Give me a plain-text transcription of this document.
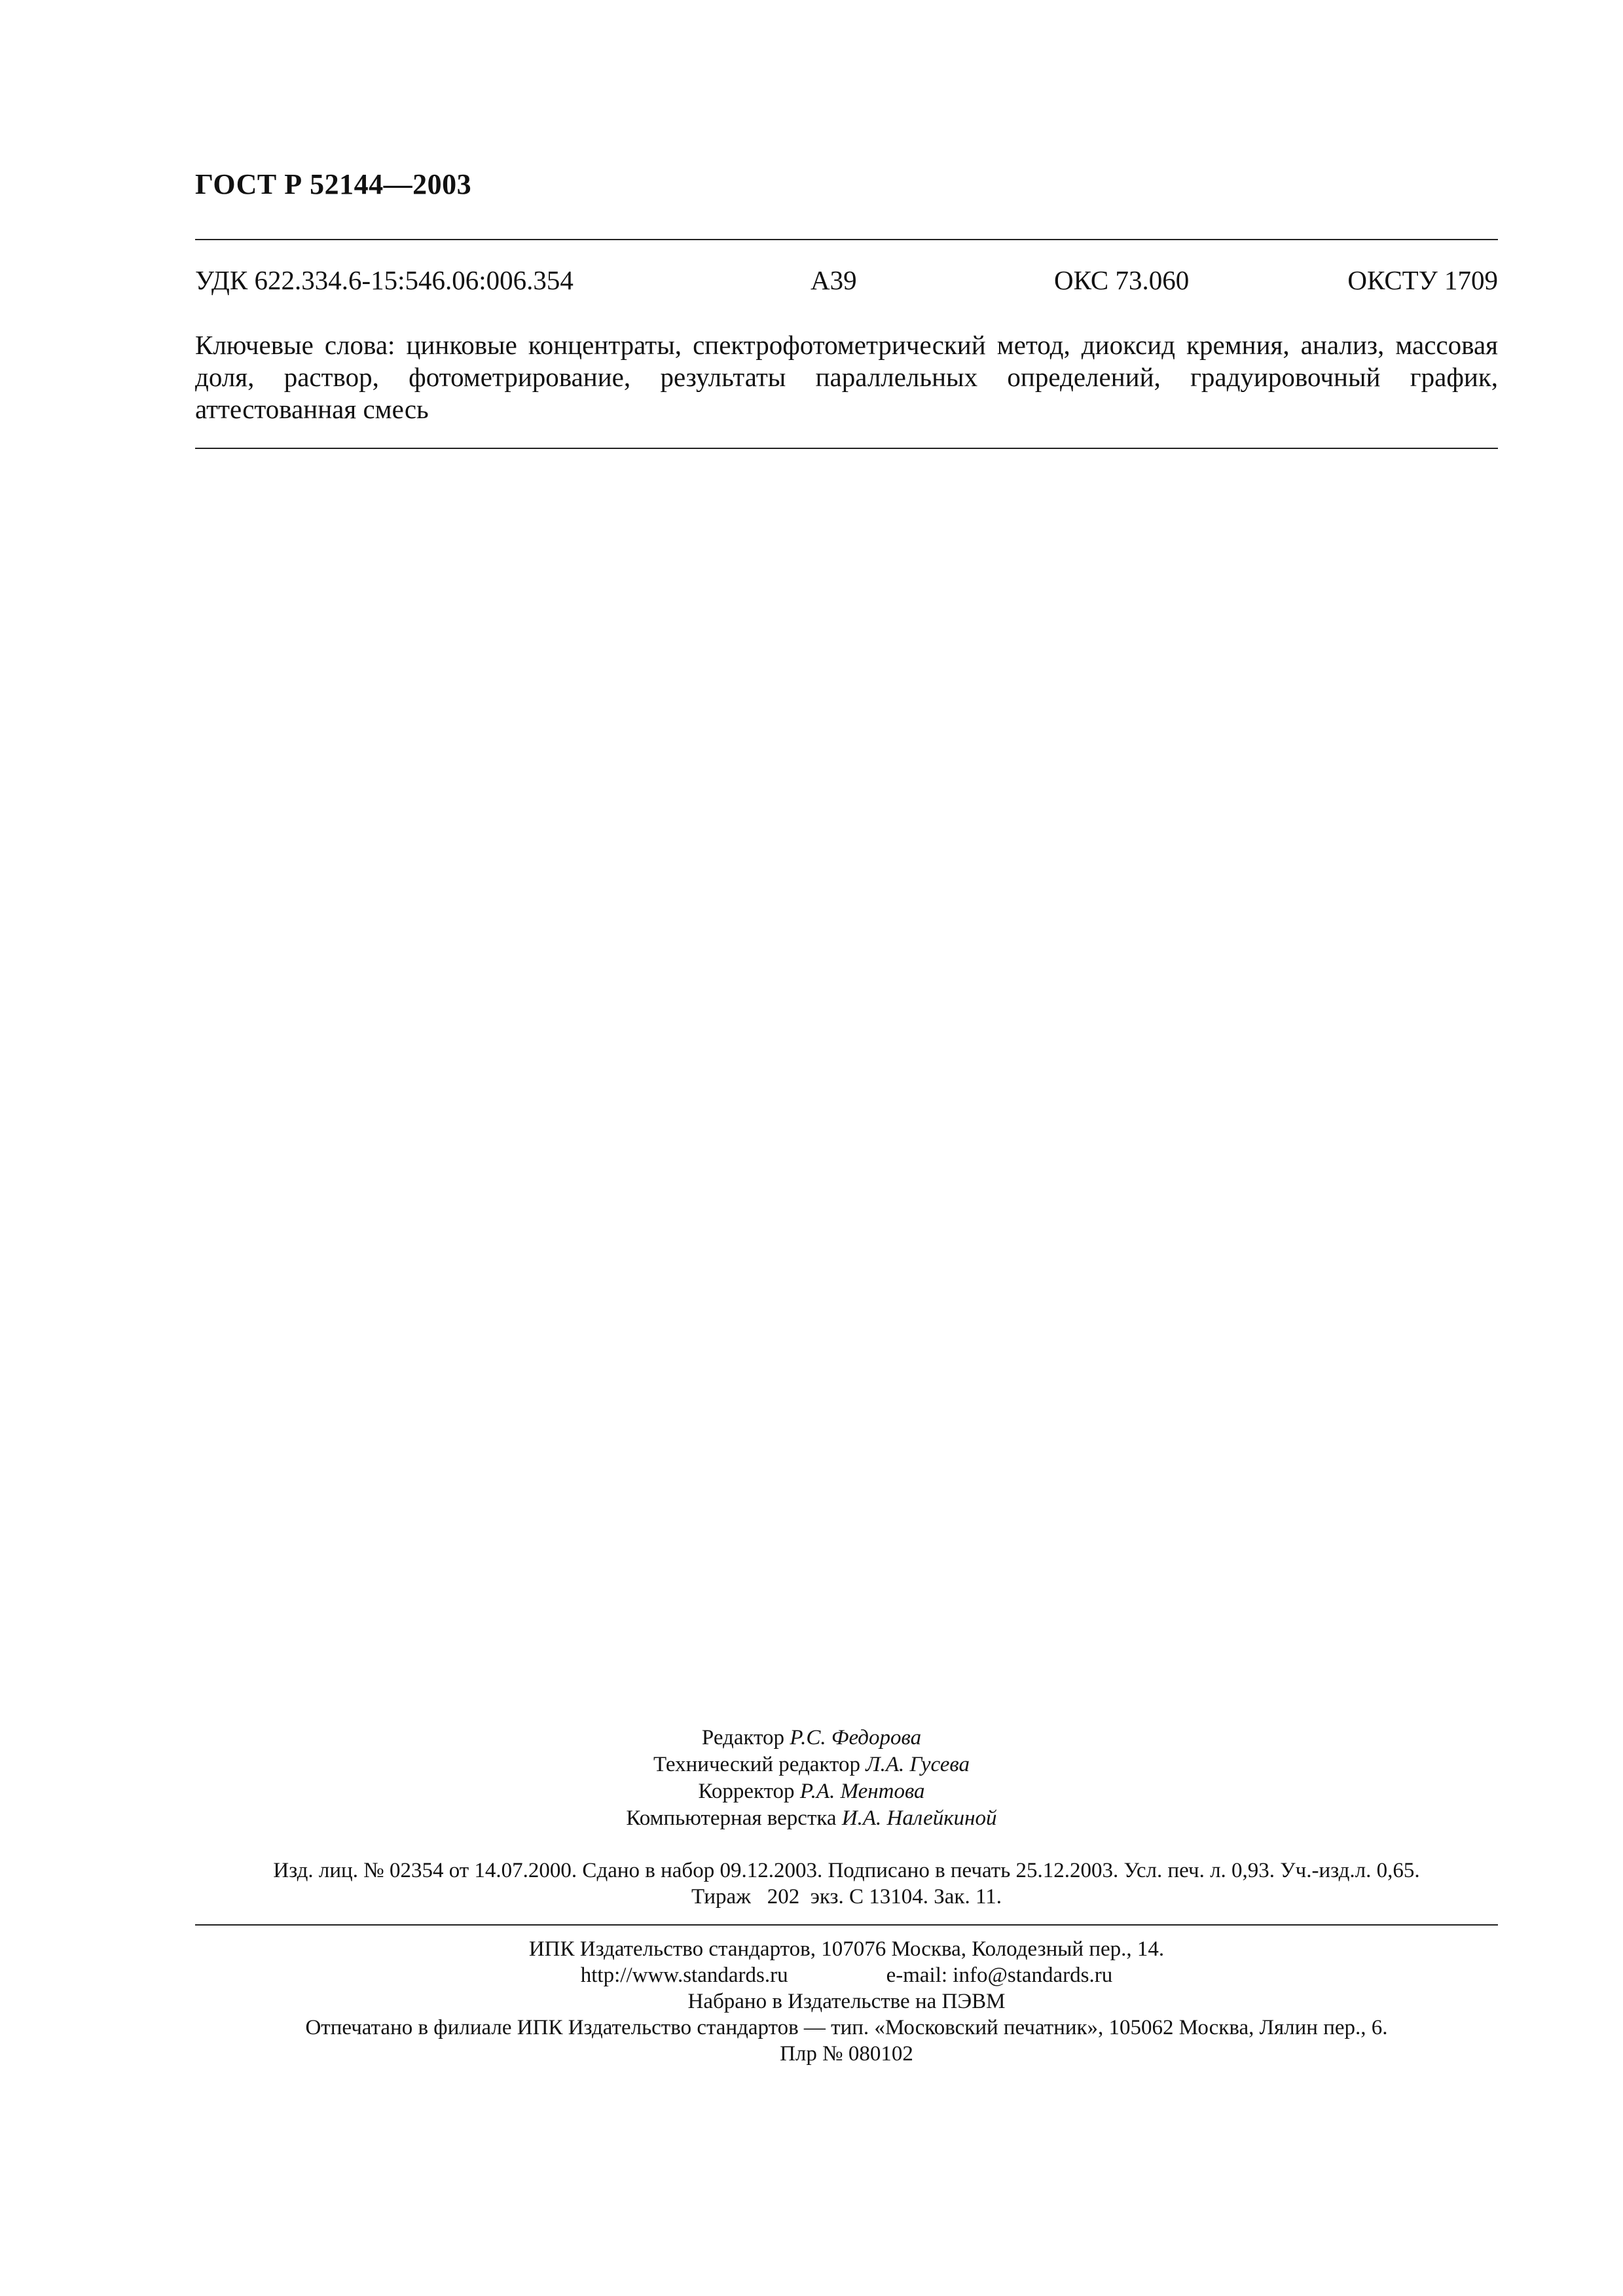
ГОСТ Р 52144—2003
УДК 622.334.6-15:546.06:006.354	А39	ОКС 73.060	ОКСТУ 1709
Ключевые слова: цинковые концентраты, спектрофотометрический метод, диоксид кремния, анализ, массовая доля, раствор, фотометрирование, результаты параллельных определений, градуировочный график, аттестованная смесь
Редактор Р.С. Федорова
Технический редактор Л.А. Гусева
Корректор Р.А. Ментова
Компьютерная верстка И.А. Налейкиной
Изд. лиц. № 02354 от 14.07.2000. Сдано в набор 09.12.2003. Подписано в печать 25.12.2003. Усл. печ. л. 0,93. Уч.-изд.л. 0,65.
Тираж   202  экз. С 13104. Зак. 11.
ИПК Издательство стандартов, 107076 Москва, Колодезный пер., 14.
http://www.standards.ru	e-mail: info@standards.ru
Набрано в Издательстве на ПЭВМ
Отпечатано в филиале ИПК Издательство стандартов — тип. «Московский печатник», 105062 Москва, Лялин пер., 6.
Плр № 080102
